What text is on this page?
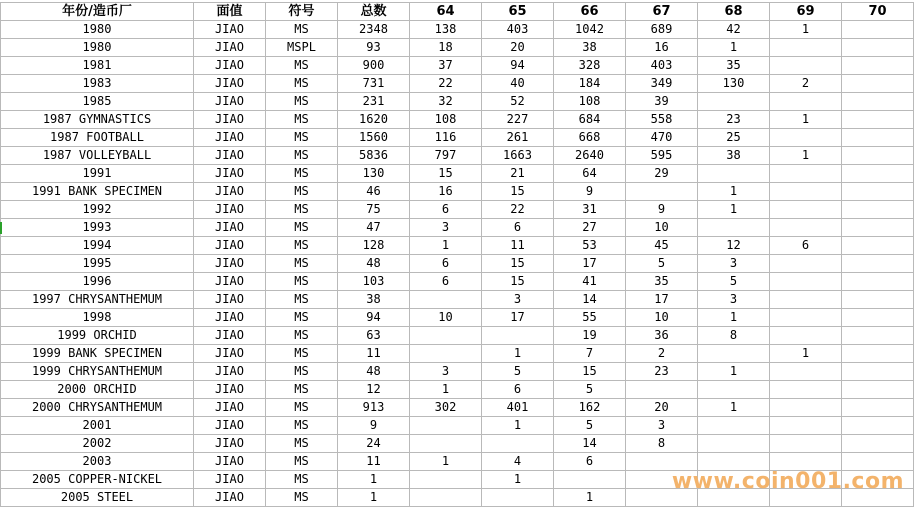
年份/造币厂	面值	符号	总数	64	65	66	67	68	69	70
1980	JIAO	MS	2348	138	403	1042	689	42	1	
1980	JIAO	MSPL	93	18	20	38	16	1		
1981	JIAO	MS	900	37	94	328	403	35		
1983	JIAO	MS	731	22	40	184	349	130	2	
1985	JIAO	MS	231	32	52	108	39			
1987 GYMNASTICS	JIAO	MS	1620	108	227	684	558	23	1	
1987 FOOTBALL	JIAO	MS	1560	116	261	668	470	25		
1987 VOLLEYBALL	JIAO	MS	5836	797	1663	2640	595	38	1	
1991	JIAO	MS	130	15	21	64	29			
1991 BANK SPECIMEN	JIAO	MS	46	16	15	9		1		
1992	JIAO	MS	75	6	22	31	9	1		
1993	JIAO	MS	47	3	6	27	10			
1994	JIAO	MS	128	1	11	53	45	12	6	
1995	JIAO	MS	48	6	15	17	5	3		
1996	JIAO	MS	103	6	15	41	35	5		
1997 CHRYSANTHEMUM	JIAO	MS	38		3	14	17	3		
1998	JIAO	MS	94	10	17	55	10	1		
1999 ORCHID	JIAO	MS	63			19	36	8		
1999 BANK SPECIMEN	JIAO	MS	11		1	7	2		1	
1999 CHRYSANTHEMUM	JIAO	MS	48	3	5	15	23	1		
2000 ORCHID	JIAO	MS	12	1	6	5				
2000 CHRYSANTHEMUM	JIAO	MS	913	302	401	162	20	1		
2001	JIAO	MS	9		1	5	3			
2002	JIAO	MS	24			14	8			
2003	JIAO	MS	11	1	4	6				
2005 COPPER-NICKEL	JIAO	MS	1		1					
2005 STEEL	JIAO	MS	1			1				
www.coin001.com
